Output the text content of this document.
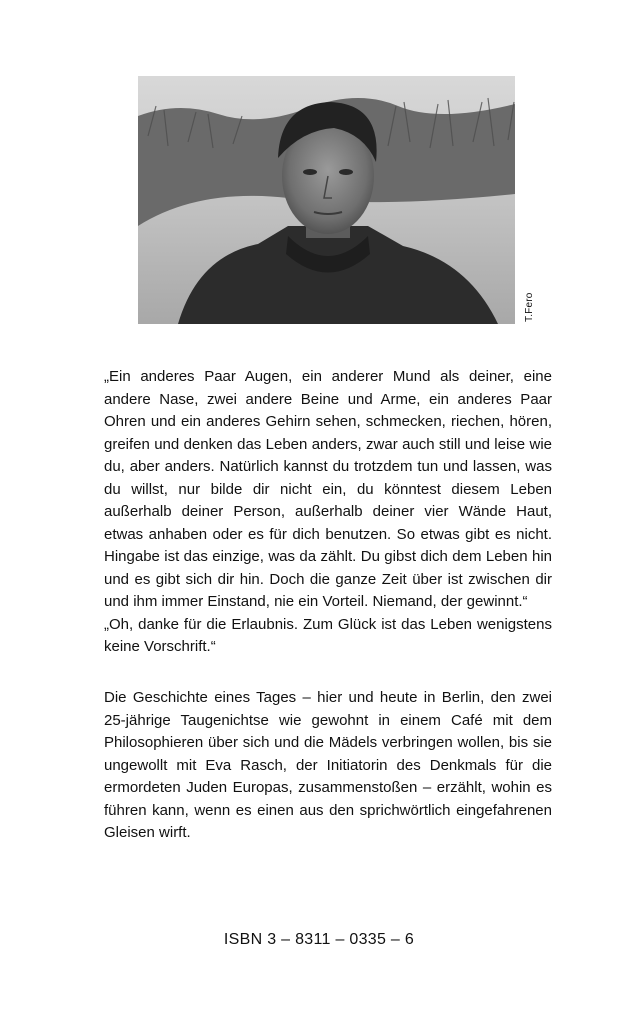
T.Fero

„Ein anderes Paar Augen, ein anderer Mund als deiner, eine andere Nase, zwei andere Beine und Arme, ein anderes Paar Ohren und ein anderes Gehirn sehen, schmecken, riechen, hören, greifen und denken das Leben anders, zwar auch still und leise wie du, aber anders. Natürlich kannst du trotzdem tun und lassen, was du willst, nur bilde dir nicht ein, du könntest diesem Leben außerhalb deiner Person, außerhalb deiner vier Wände Haut, etwas anhaben oder es für dich benutzen. So etwas gibt es nicht. Hingabe ist das einzige, was da zählt. Du gibst dich dem Leben hin und es gibt sich dir hin. Doch die ganze Zeit über ist zwischen dir und ihm immer Einstand, nie ein Vorteil. Niemand, der gewinnt.“

„Oh, danke für die Erlaubnis. Zum Glück ist das Leben wenigstens keine Vorschrift.“

Die Geschichte eines Tages – hier und heute in Berlin, den zwei 25-jährige Taugenichtse wie gewohnt in einem Café mit dem Philosophieren über sich und die Mädels verbringen wollen, bis sie ungewollt mit Eva Rasch, der Initiatorin des Denkmals für die ermordeten Juden Europas, zusammenstoßen – erzählt, wohin es führen kann, wenn es einen aus den sprichwörtlich eingefahrenen Gleisen wirft.

ISBN 3 – 8311 – 0335 – 6
